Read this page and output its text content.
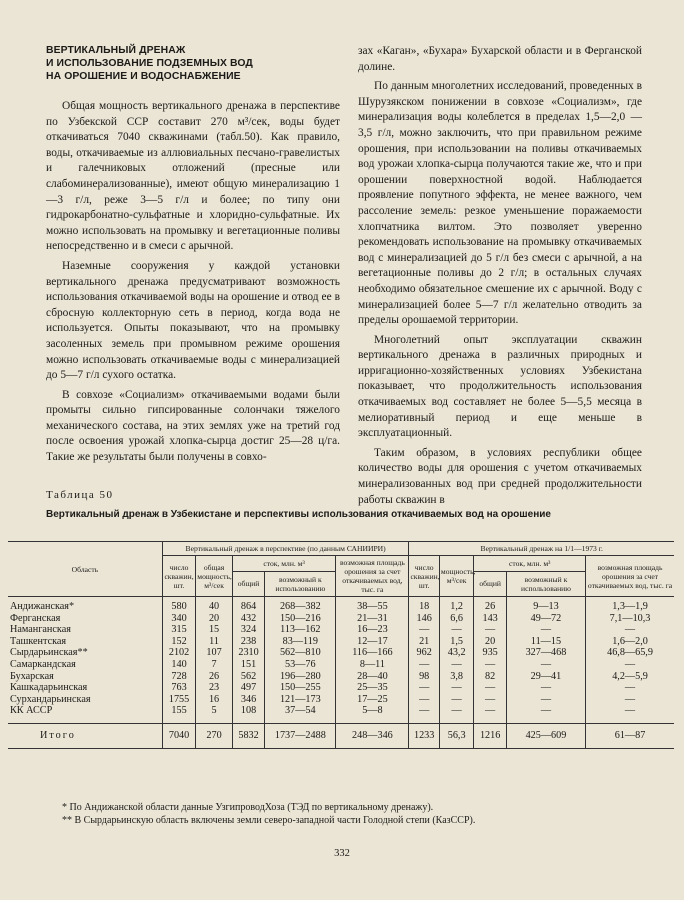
ВЕРТИКАЛЬНЫЙ ДРЕНАЖ
И ИСПОЛЬЗОВАНИЕ ПОДЗЕМНЫХ ВОД
НА ОРОШЕНИЕ И ВОДОСНАБЖЕНИЕ

Общая мощность вертикального дренажа в перспективе по Узбекской ССР составит 270 м³/сек, воды будет откачиваться 7040 скважинами (табл.50). Как правило, воды, откачиваемые из аллювиальных песчано-гравелистых и галечниковых отложений (пресные или слабоминерализованные), имеют общую минерализацию 1—3 г/л, реже 3—5 г/л и более; по типу они гидрокарбонатно-сульфатные и хлоридно-сульфатные. Их можно использовать на промывку и вегетационные поливы непосредственно и в смеси с арычной.

Наземные сооружения у каждой установки вертикального дренажа предусматривают возможность использования откачиваемой воды на орошение и отвод ее в сбросную коллекторную сеть в период, когда вода не используется. Опыты показывают, что на промывку засоленных земель при промывном режиме орошения можно использовать откачиваемые воды с минерализацией до 5—7 г/л сухого остатка.

В совхозе «Социализм» откачиваемыми водами были промыты сильно гипсированные солончаки тяжелого механического состава, на этих землях уже на третий год после освоения урожай хлопка-сырца достиг 25—28 ц/га. Такие же результаты были получены в совхо-

зах «Каган», «Бухара» Бухарской области и в Ферганской долине.

По данным многолетних исследований, проведенных в Шурузякском понижении в совхозе «Социализм», где минерализация воды колеблется в пределах 1,5—2,0 — 3,5 г/л, можно заключить, что при правильном режиме орошения, при использовании на поливы откачиваемых вод урожаи хлопка-сырца получаются такие же, что и при орошении поверхностной водой. Наблюдается проявление попутного эффекта, не менее важного, чем рассоление земель: резкое уменьшение поражаемости хлопчатника вилтом. Это позволяет уверенно рекомендовать использование на промывку откачиваемых вод с минерализацией до 5 г/л без смеси с арычной, а на вегетационные поливы до 2 г/л; в остальных случаях необходимо обязательное смешение их с арычной. Воду с минерализацией более 5—7 г/л желательно отводить за пределы орошаемой территории.

Многолетний опыт эксплуатации скважин вертикального дренажа в различных природных и ирригационно-хозяйственных условиях Узбекистана показывает, что продолжительность использования откачиваемых вод составляет не более 5—5,5 месяца в мелиоративный период и еще меньше в эксплуатационный.

Таким образом, в условиях республики общее количество воды для орошения с учетом откачиваемых минерализованных вод при средней продолжительности работы скважин в

Таблица 50
Вертикальный дренаж в Узбекистане и перспективы использования откачиваемых вод на орошение
Область	Вертикальный дренаж в перспективе (по данным САНИИРИ)					Вертикальный дренаж на 1/1—1973 г.				
	число скважин, шт.	общая мощность, м³/сек	сток, млн. м³		возможная площадь орошения за счет откачиваемых вод, тыс. га	число скважин, шт.	мощность, м³/сек	сток, млн. м³		возможная площадь орошения за счет откачиваемых вод, тыс. га
			общий	возможный к использованию				общий	возможный к использованию	
Андижанская*	580	40	864	268—382	38—55	18	1,2	26	9—13	1,3—1,9
Ферганская	340	20	432	150—216	21—31	146	6,6	143	49—72	7,1—10,3
Наманганская	315	15	324	113—162	16—23	—	—	—	—	—
Ташкентская	152	11	238	83—119	12—17	21	1,5	20	11—15	1,6—2,0
Сырдарьинская**	2102	107	2310	562—810	116—166	962	43,2	935	327—468	46,8—65,9
Самаркандская	140	7	151	53—76	8—11	—	—	—	—	—
Бухарская	728	26	562	196—280	28—40	98	3,8	82	29—41	4,2—5,9
Кашкадарьинская	763	23	497	150—255	25—35	—	—	—	—	—
Сурхандарьинская	1755	16	346	121—173	17—25	—	—	—	—	—
КК АССР	155	5	108	37—54	5—8	—	—	—	—	—
Итого	7040	270	5832	1737—2488	248—346	1233	56,3	1216	425—609	61—87
* По Андижанской области данные УзгипроводХоза (ТЭД по вертикальному дренажу).
** В Сырдарьинскую область включены земли северо-западной части Голодной степи (КазССР).
332
